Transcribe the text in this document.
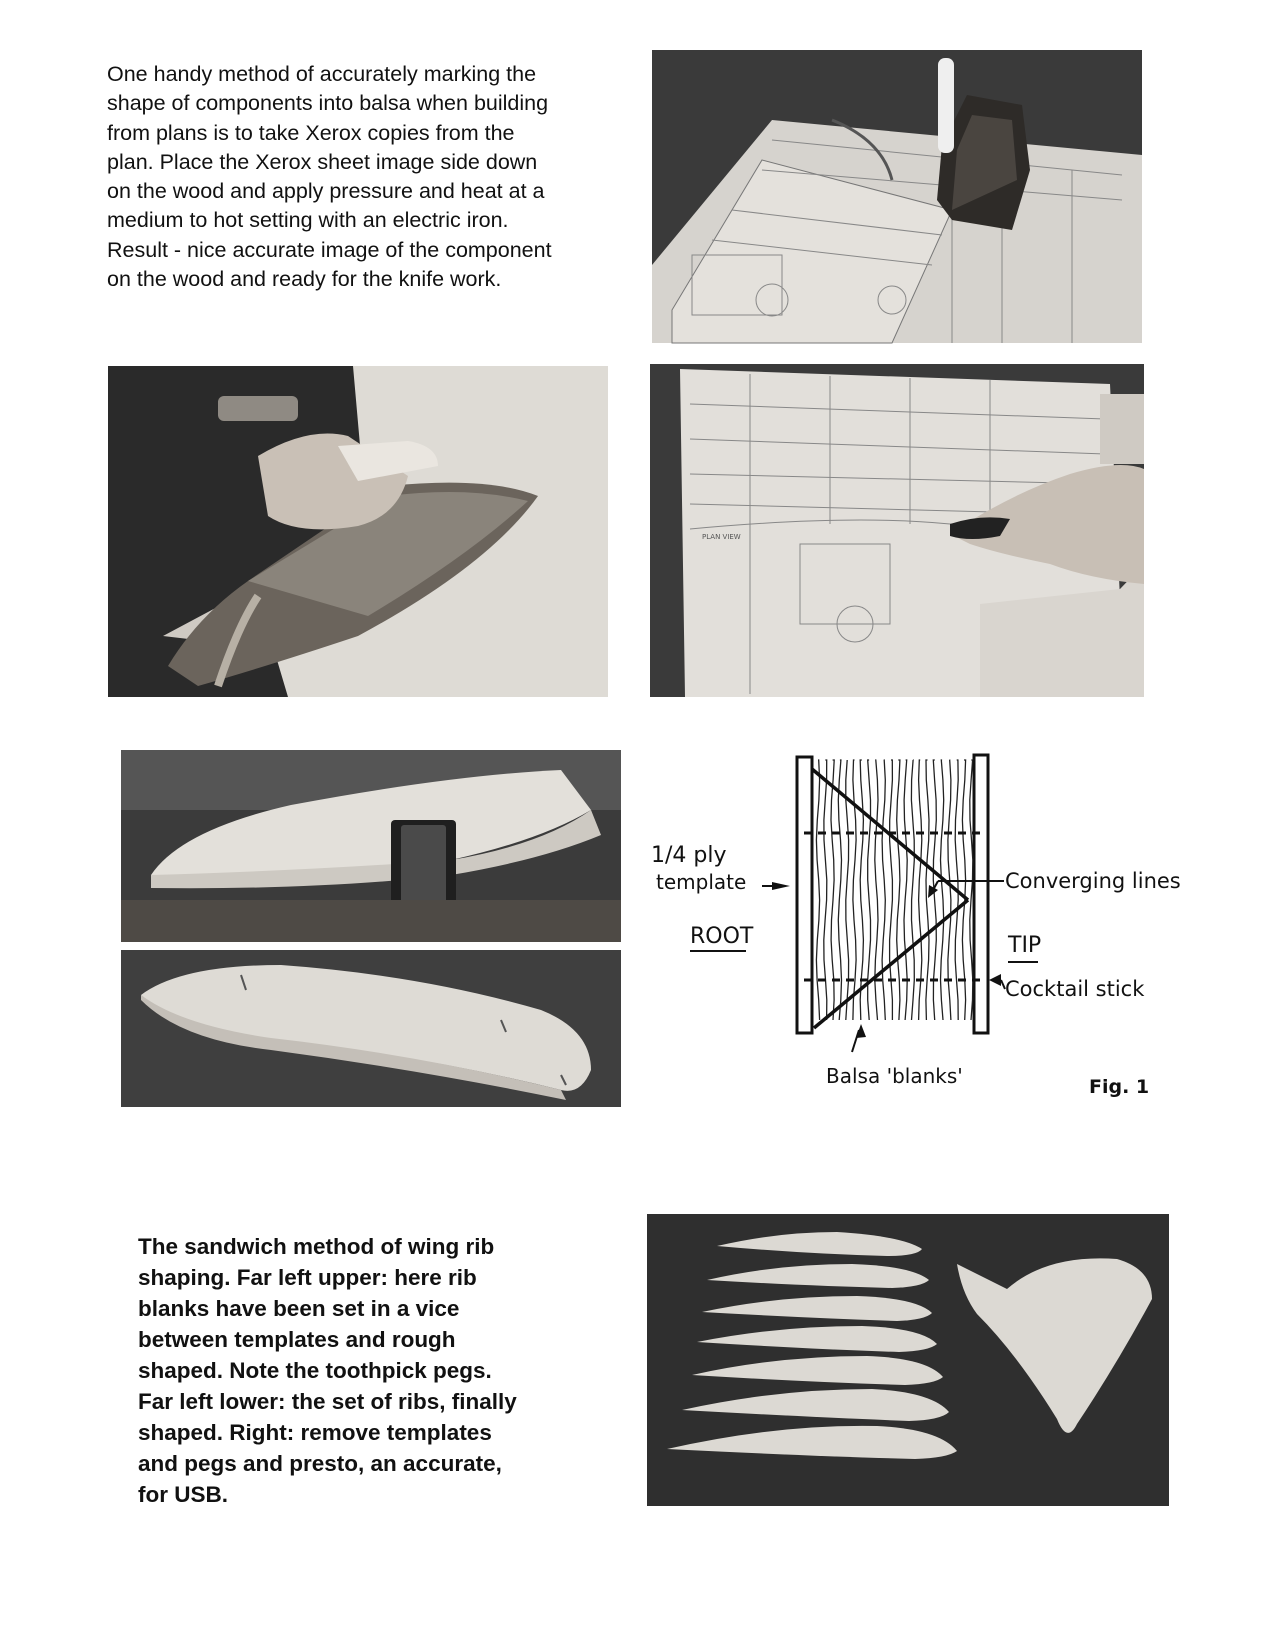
One handy method of accurately marking the
shape of components into balsa when building
from plans is to take Xerox copies from the
plan. Place the Xerox sheet image side down
on the wood and apply pressure and heat at a
medium to hot setting with an electric iron.
Result - nice accurate image of the component
on the wood and ready for the knife work.
PLAN VIEW
1/4 ply
template
ROOT
Converging lines
TIP
Cocktail stick
Balsa 'blanks'	Fig. 1
The sandwich method of wing rib
shaping. Far left upper: here rib
blanks have been set in a vice
between templates and rough
shaped. Note the toothpick pegs.
Far left lower: the set of ribs, finally
shaped. Right: remove templates
and pegs and presto, an accurate,
for USB.
